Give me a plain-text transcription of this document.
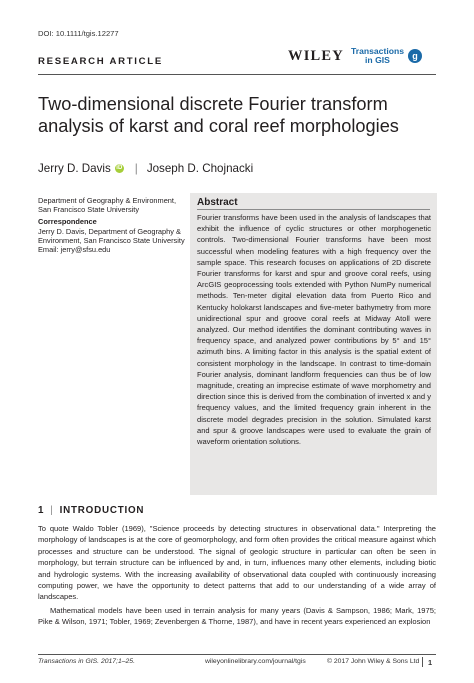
DOI: 10.1111/tgis.12277
RESEARCH ARTICLE	WILEY Transactions
in GIS	g
Two-dimensional discrete Fourier transform analysis of karst and coral reef morphologies
Jerry D. Davis iD | Joseph D. Chojnacki
Department of Geography & Environment, San Francisco State University
Correspondence
Jerry D. Davis, Department of Geography & Environment, San Francisco State University
Email: jerry@sfsu.edu
Abstract
Fourier transforms have been used in the analysis of landscapes that exhibit the influence of cyclic structures or other morphogenetic controls. Two-dimensional Fourier transforms have been most successful when modeling features with a high frequency over the sample space. This research focuses on applications of 2D discrete Fourier transforms for karst and spur and groove coral reefs, using ArcGIS geoprocessing tools extended with Python NumPy numerical methods. Ten-meter digital elevation data from Puerto Rico and Kentucky holokarst landscapes and five-meter bathymetry from more unidirectional spur and groove coral reefs at Midway Atoll were analyzed. Our method identifies the dominant contributing waves in frequency space, and analyzed power contributions by 5° and 15° azimuth bins. A limiting factor in this analysis is the spatial extent of consistent morphology in the landscape. In contrast to time-domain Fourier analysis, dominant landform frequencies can thus be of low magnitude, creating an imprecise estimate of wave morphometry and direction since this is derived from the combination of inverted x and y frequency values, and the limited frequency grain inherent in the discrete model degrades precision in the solution. Simulated karst and spur & groove landscapes were used to evaluate the grain of waveform orientation solutions.
1 | INTRODUCTION

To quote Waldo Tobler (1969), "Science proceeds by detecting structures in observational data." Interpreting the morphology of landscapes is at the core of geomorphology, and form often provides the critical measure against which processes and structure can be understood. The signal of geologic structure in particular can often be seen in morphology, but terrain structure can be influenced by and, in turn, influences many other elements, including biotic and hydrologic systems. With the increasing availability of observational data coupled with continuously increasing computing power, we have the opportunity to detect patterns that add to our understanding of a wide array of landscapes.

Mathematical models have been used in terrain analysis for many years (Davis & Sampson, 1986; Mark, 1975; Pike & Wilson, 1971; Tobler, 1969; Zevenbergen & Thorne, 1987), and have in recent years experienced an explosion

Transactions in GIS. 2017;1–25.	wileyonlinelibrary.com/journal/tgis	© 2017 John Wiley & Sons Ltd 1
